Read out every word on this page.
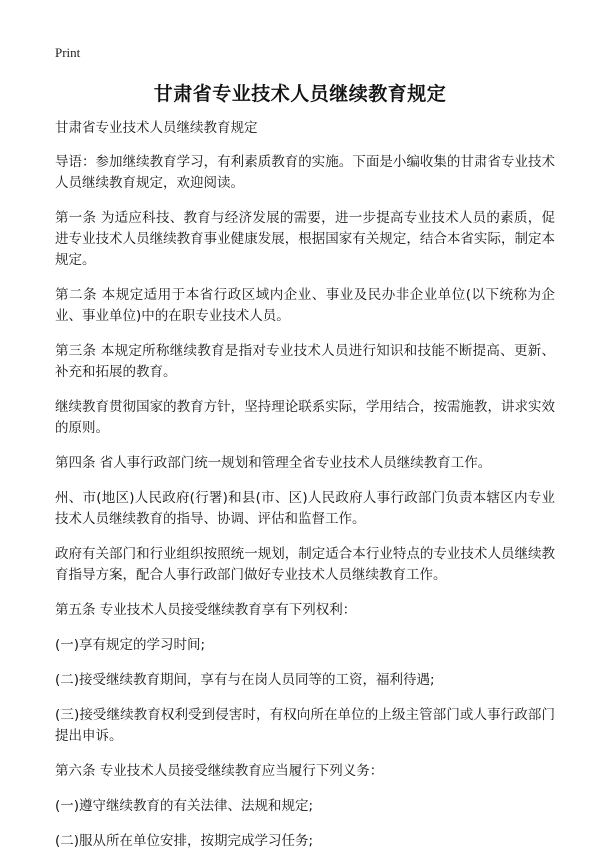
Print
甘肃省专业技术人员继续教育规定

甘肃省专业技术人员继续教育规定

导语：参加继续教育学习，有利素质教育的实施。下面是小编收集的甘肃省专业技术人员继续教育规定，欢迎阅读。

第一条 为适应科技、教育与经济发展的需要，进一步提高专业技术人员的素质，促进专业技术人员继续教育事业健康发展，根据国家有关规定，结合本省实际，制定本规定。

第二条 本规定适用于本省行政区域内企业、事业及民办非企业单位(以下统称为企业、事业单位)中的在职专业技术人员。

第三条 本规定所称继续教育是指对专业技术人员进行知识和技能不断提高、更新、补充和拓展的教育。

继续教育贯彻国家的教育方针，坚持理论联系实际，学用结合，按需施教，讲求实效的原则。

第四条 省人事行政部门统一规划和管理全省专业技术人员继续教育工作。

州、市(地区)人民政府(行署)和县(市、区)人民政府人事行政部门负责本辖区内专业技术人员继续教育的指导、协调、评估和监督工作。

政府有关部门和行业组织按照统一规划，制定适合本行业特点的专业技术人员继续教育指导方案，配合人事行政部门做好专业技术人员继续教育工作。

第五条 专业技术人员接受继续教育享有下列权利：

(一)享有规定的学习时间;

(二)接受继续教育期间，享有与在岗人员同等的工资，福利待遇;

(三)接受继续教育权利受到侵害时，有权向所在单位的上级主管部门或人事行政部门提出申诉。

第六条 专业技术人员接受继续教育应当履行下列义务：

(一)遵守继续教育的有关法律、法规和规定;

(二)服从所在单位安排，按期完成学习任务;
